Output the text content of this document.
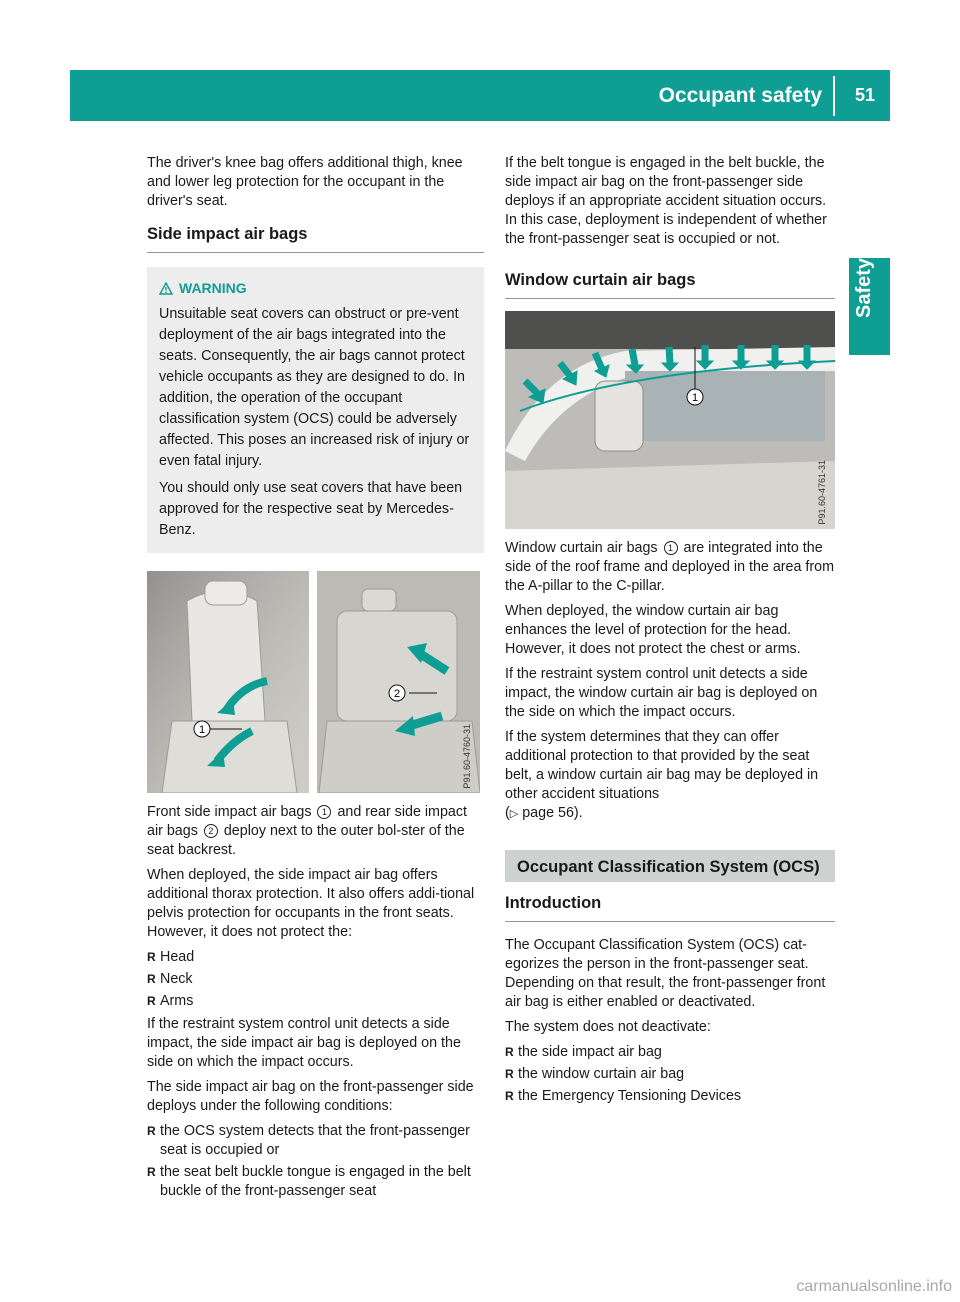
Occupant safety 51
Safety

The driver's knee bag offers additional thigh, knee and lower leg protection for the occupant in the driver's seat.

Side impact air bags
WARNING

Unsuitable seat covers can obstruct or pre-vent deployment of the air bags integrated into the seats. Consequently, the air bags cannot protect vehicle occupants as they are designed to do. In addition, the operation of the occupant classification system (OCS) could be adversely affected. This poses an increased risk of injury or even fatal injury.

You should only use seat covers that have been approved for the respective seat by Mercedes-Benz.

1
2
P91.60-4760-31

Front side impact air bags 1 and rear side impact air bags 2 deploy next to the outer bol-ster of the seat backrest.

When deployed, the side impact air bag offers additional thorax protection. It also offers addi-tional pelvis protection for occupants in the front seats. However, it does not protect the:

R Head
R Neck
R Arms

If the restraint system control unit detects a side impact, the side impact air bag is deployed on the side on which the impact occurs.

The side impact air bag on the front-passenger side deploys under the following conditions:

R the OCS system detects that the front-passenger seat is occupied or
R the seat belt buckle tongue is engaged in the belt buckle of the front-passenger seat

If the belt tongue is engaged in the belt buckle, the side impact air bag on the front-passenger side deploys if an appropriate accident situation occurs. In this case, deployment is independent of whether the front-passenger seat is occupied or not.

Window curtain air bags
1
P91.60-4761-31

Window curtain air bags 1 are integrated into the side of the roof frame and deployed in the area from the A-pillar to the C-pillar.

When deployed, the window curtain air bag enhances the level of protection for the head. However, it does not protect the chest or arms.

If the restraint system control unit detects a side impact, the window curtain air bag is deployed on the side on which the impact occurs.

If the system determines that they can offer additional protection to that provided by the seat belt, a window curtain air bag may be deployed in other accident situations
(▷ page 56).

Occupant Classification System (OCS)
Introduction

The Occupant Classification System (OCS) cat-egorizes the person in the front-passenger seat. Depending on that result, the front-passenger front air bag is either enabled or deactivated.

The system does not deactivate:

R the side impact air bag
R the window curtain air bag
R the Emergency Tensioning Devices
carmanualsonline.info
